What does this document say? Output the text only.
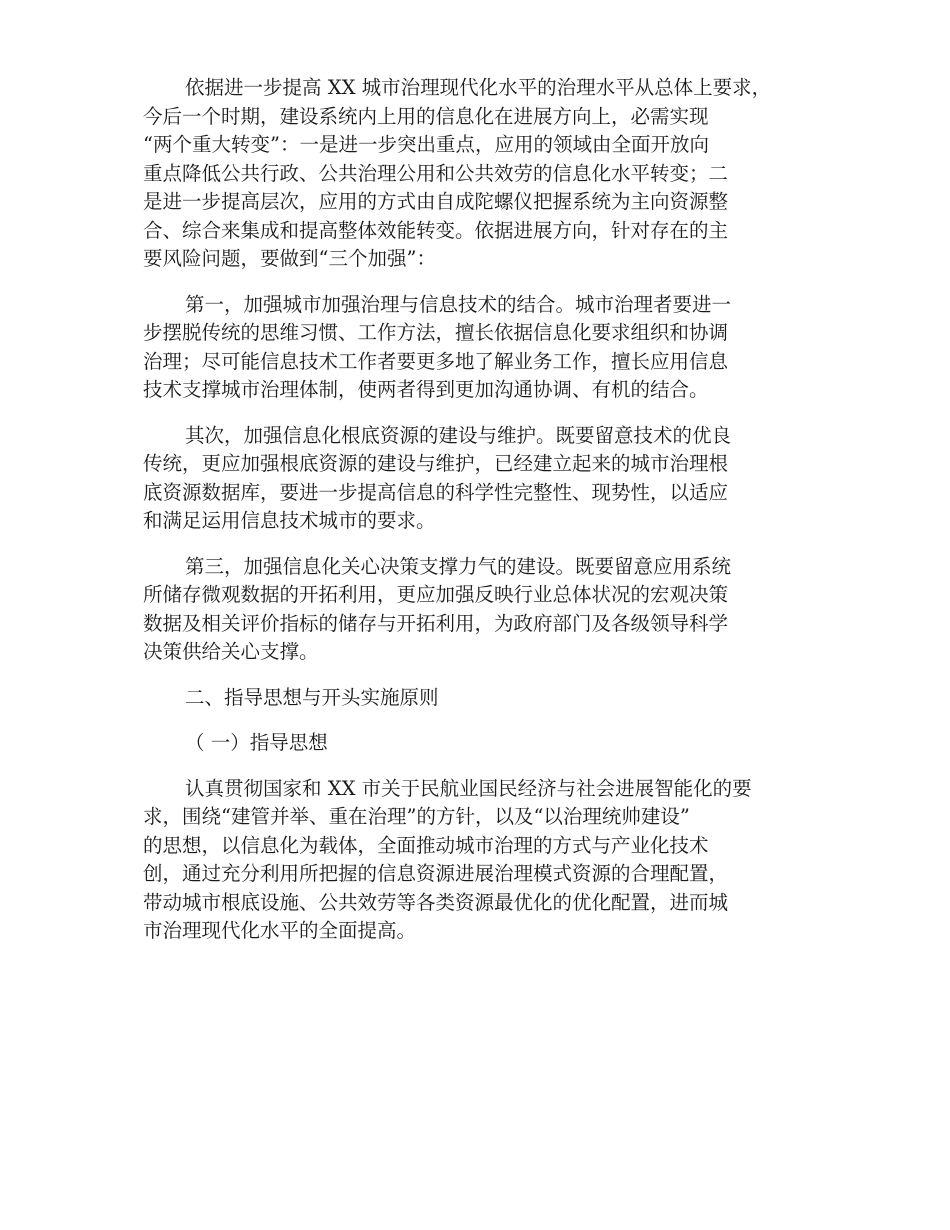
依据进一步提高 XX 城市治理现代化水平的治理水平从总体上要求，
今后一个时期，建设系统内上用的信息化在进展方向上，必需实现
“两个重大转变”：一是进一步突出重点，应用的领域由全面开放向
重点降低公共行政、公共治理公用和公共效劳的信息化水平转变；二
是进一步提高层次，应用的方式由自成陀螺仪把握系统为主向资源整
合、综合来集成和提高整体效能转变。依据进展方向，针对存在的主
要风险问题，要做到“三个加强”：
第一，加强城市加强治理与信息技术的结合。城市治理者要进一
步摆脱传统的思维习惯、工作方法，擅长依据信息化要求组织和协调
治理；尽可能信息技术工作者要更多地了解业务工作，擅长应用信息
技术支撑城市治理体制，使两者得到更加沟通协调、有机的结合。
其次，加强信息化根底资源的建设与维护。既要留意技术的优良
传统，更应加强根底资源的建设与维护，已经建立起来的城市治理根
底资源数据库，要进一步提高信息的科学性完整性、现势性，以适应
和满足运用信息技术城市的要求。
第三，加强信息化关心决策支撑力气的建设。既要留意应用系统
所储存微观数据的开拓利用，更应加强反映行业总体状况的宏观决策
数据及相关评价指标的储存与开拓利用，为政府部门及各级领导科学
决策供给关心支撑。
二、指导思想与开头实施原则
（ 一）指导思想
认真贯彻国家和 XX 市关于民航业国民经济与社会进展智能化的要
求，围绕“建管并举、重在治理”的方针，以及“以治理统帅建设”
的思想，以信息化为载体，全面推动城市治理的方式与产业化技术
创，通过充分利用所把握的信息资源进展治理模式资源的合理配置，
带动城市根底设施、公共效劳等各类资源最优化的优化配置，进而城
市治理现代化水平的全面提高。
